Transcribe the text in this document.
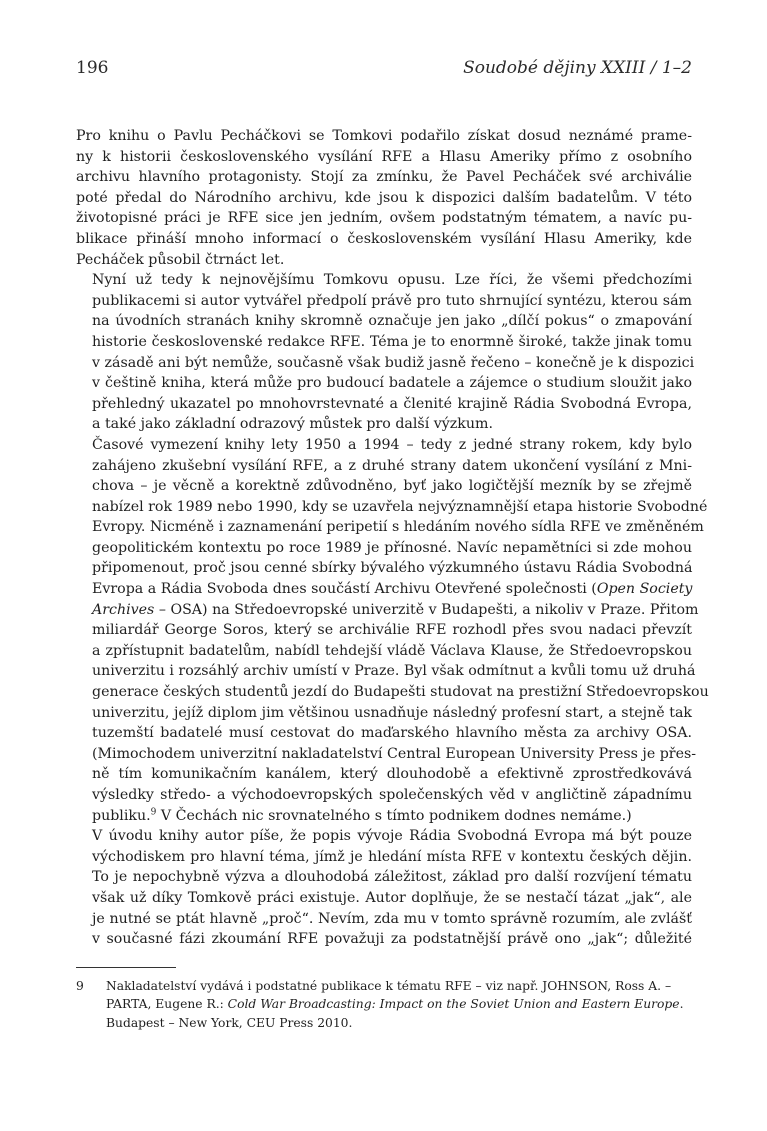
196	Soudobé dějiny XXIII / 1–2

Pro knihu o Pavlu Pecháčkovi se Tomkovi podařilo získat dosud neznámé prame-
ny k historii československého vysílání RFE a Hlasu Ameriky přímo z osobního
archivu hlavního protagonisty. Stojí za zmínku, že Pavel Pecháček své archiválie
poté předal do Národního archivu, kde jsou k dispozici dalším badatelům. V této
životopisné práci je RFE sice jen jedním, ovšem podstatným tématem, a navíc pu-
blikace přináší mnoho informací o československém vysílání Hlasu Ameriky, kde
Pecháček působil čtrnáct let.

Nyní už tedy k nejnovějšímu Tomkovu opusu. Lze říci, že všemi předchozími
publikacemi si autor vytvářel předpolí právě pro tuto shrnující syntézu, kterou sám
na úvodních stranách knihy skromně označuje jen jako „dílčí pokus“ o zmapování
historie československé redakce RFE. Téma je to enormně široké, takže jinak tomu
v zásadě ani být nemůže, současně však budiž jasně řečeno – konečně je k dispozici
v češtině kniha, která může pro budoucí badatele a zájemce o studium sloužit jako
přehledný ukazatel po mnohovrstevnaté a členité krajině Rádia Svobodná Evropa,
a také jako základní odrazový můstek pro další výzkum.

Časové vymezení knihy lety 1950 a 1994 – tedy z jedné strany rokem, kdy bylo
zahájeno zkušební vysílání RFE, a z druhé strany datem ukončení vysílání z Mni-
chova – je věcně a korektně zdůvodněno, byť jako logičtější mezník by se zřejmě
nabízel rok 1989 nebo 1990, kdy se uzavřela nejvýznamnější etapa historie Svobodné
Evropy. Nicméně i zaznamenání peripetií s hledáním nového sídla RFE ve změněném
geopolitickém kontextu po roce 1989 je přínosné. Navíc nepamětníci si zde mohou
připomenout, proč jsou cenné sbírky bývalého výzkumného ústavu Rádia Svobodná
Evropa a Rádia Svoboda dnes součástí Archivu Otevřené společnosti (Open Society
Archives – OSA) na Středoevropské univerzitě v Budapešti, a nikoliv v Praze. Přitom
miliardář George Soros, který se archiválie RFE rozhodl přes svou nadaci převzít
a zpřístupnit badatelům, nabídl tehdejší vládě Václava Klause, že Středoevropskou
univerzitu i rozsáhlý archiv umístí v Praze. Byl však odmítnut a kvůli tomu už druhá
generace českých studentů jezdí do Budapešti studovat na prestižní Středoevropskou
univerzitu, jejíž diplom jim většinou usnadňuje následný profesní start, a stejně tak
tuzemští badatelé musí cestovat do maďarského hlavního města za archivy OSA.
(Mimochodem univerzitní nakladatelství Central European University Press je přes-
ně tím komunikačním kanálem, který dlouhodobě a efektivně zprostředkovává
výsledky středo- a východoevropských společenských věd v angličtině západnímu
publiku.$^9$ V Čechách nic srovnatelného s tímto podnikem dodnes nemáme.)

V úvodu knihy autor píše, že popis vývoje Rádia Svobodná Evropa má být pouze
východiskem pro hlavní téma, jímž je hledání místa RFE v kontextu českých dějin.
To je nepochybně výzva a dlouhodobá záležitost, základ pro další rozvíjení tématu
však už díky Tomkově práci existuje. Autor doplňuje, že se nestačí tázat „jak“, ale
je nutné se ptát hlavně „proč“. Nevím, zda mu v tomto správně rozumím, ale zvlášť
v současné fázi zkoumání RFE považuji za podstatnější právě ono „jak“; důležité

9 Nakladatelství vydává i podstatné publikace k tématu RFE – viz např. JOHNSON, Ross A. –
PARTA, Eugene R.: Cold War Broadcasting: Impact on the Soviet Union and Eastern Europe.
Budapest – New York, CEU Press 2010.
